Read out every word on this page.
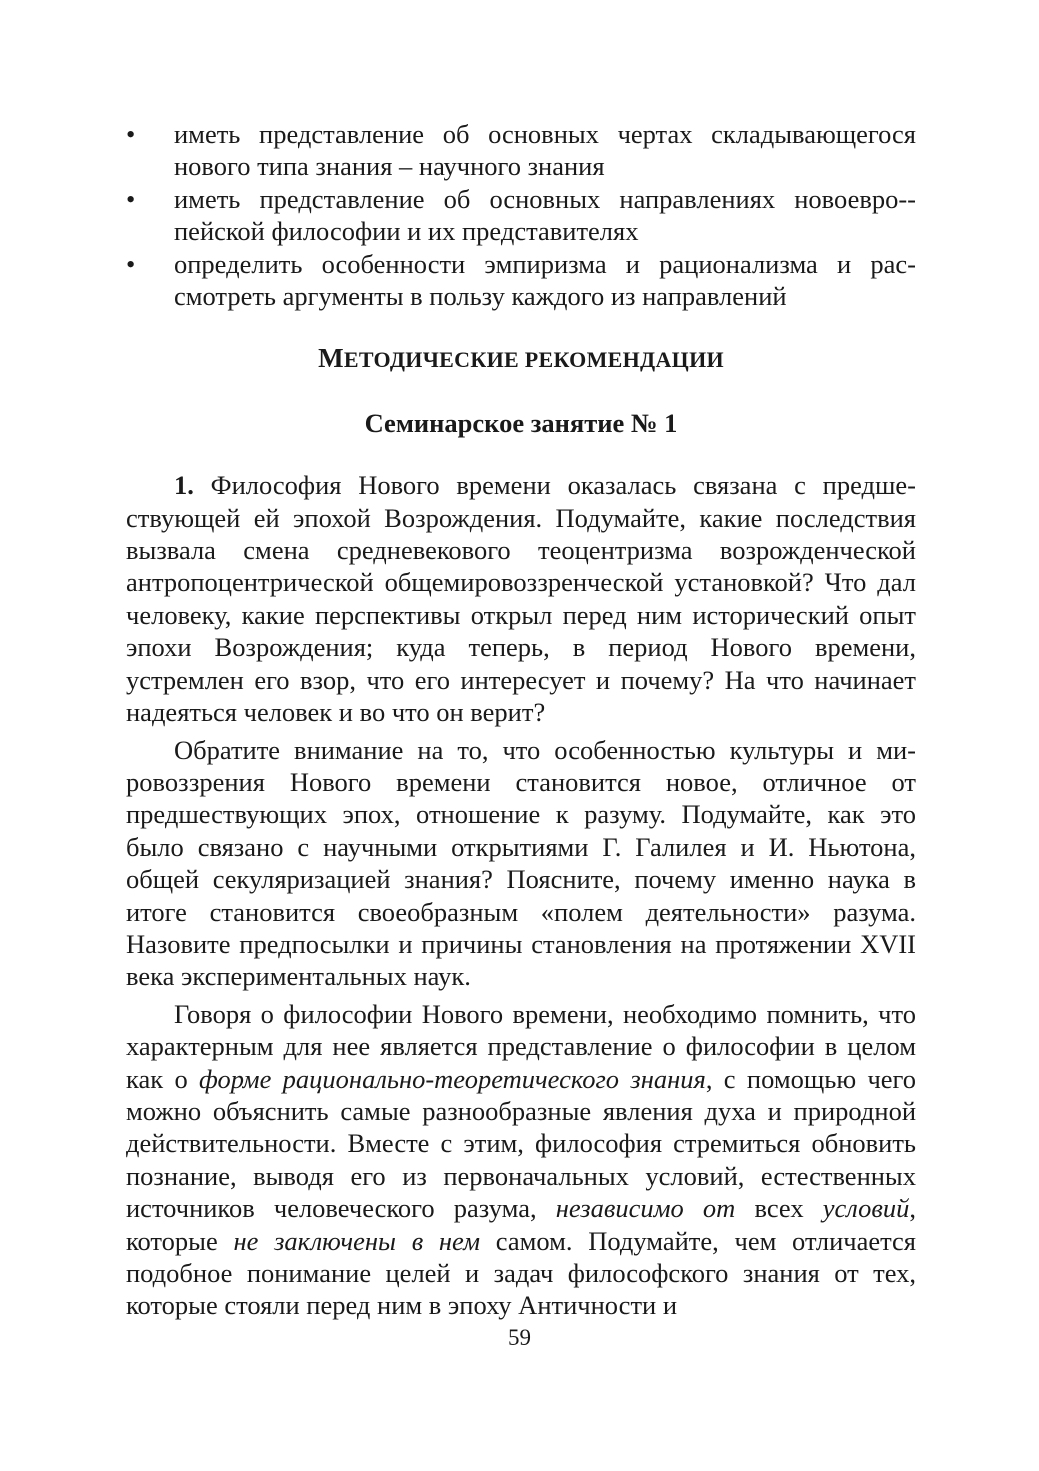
•	иметь представление об основных чертах складывающегося нового типа знания – научного знания
•	иметь представление об основных направлениях новоевро-пейской философии и их представителях
•	определить особенности эмпиризма и рационализма и рассмотреть аргументы в пользу каждого из направлений
МЕТОДИЧЕСКИЕ РЕКОМЕНДАЦИИ
Семинарское занятие № 1

1. Философия Нового времени оказалась связана с предшествующей ей эпохой Возрождения. Подумайте, какие последствия вызвала смена средневекового теоцентризма возрожденческой антропоцентрической общемировоззренческой установкой? Что дал человеку, какие перспективы открыл перед ним исторический опыт эпохи Возрождения; куда теперь, в период Нового времени, устремлен его взор, что его интересует и почему? На что начинает надеяться человек и во что он верит?

Обратите внимание на то, что особенностью культуры и мировоззрения Нового времени становится новое, отличное от предшествующих эпох, отношение к разуму. Подумайте, как это было связано с научными открытиями Г. Галилея и И. Ньютона, общей секуляризацией знания? Поясните, почему именно наука в итоге становится своеобразным «полем деятельности» разума. Назовите предпосылки и причины становления на протяжении XVII века экспериментальных наук.

Говоря о философии Нового времени, необходимо помнить, что характерным для нее является представление о философии в целом как о форме рационально-теоретического знания, с помощью чего можно объяснить самые разнообразные явления духа и природной действительности. Вместе с этим, философия стремиться обновить познание, выводя его из первоначальных условий, естественных источников человеческого разума, независимо от всех условий, которые не заключены в нем самом. Подумайте, чем отличается подобное понимание целей и задач философского знания от тех, которые стояли перед ним в эпоху Античности и

59
